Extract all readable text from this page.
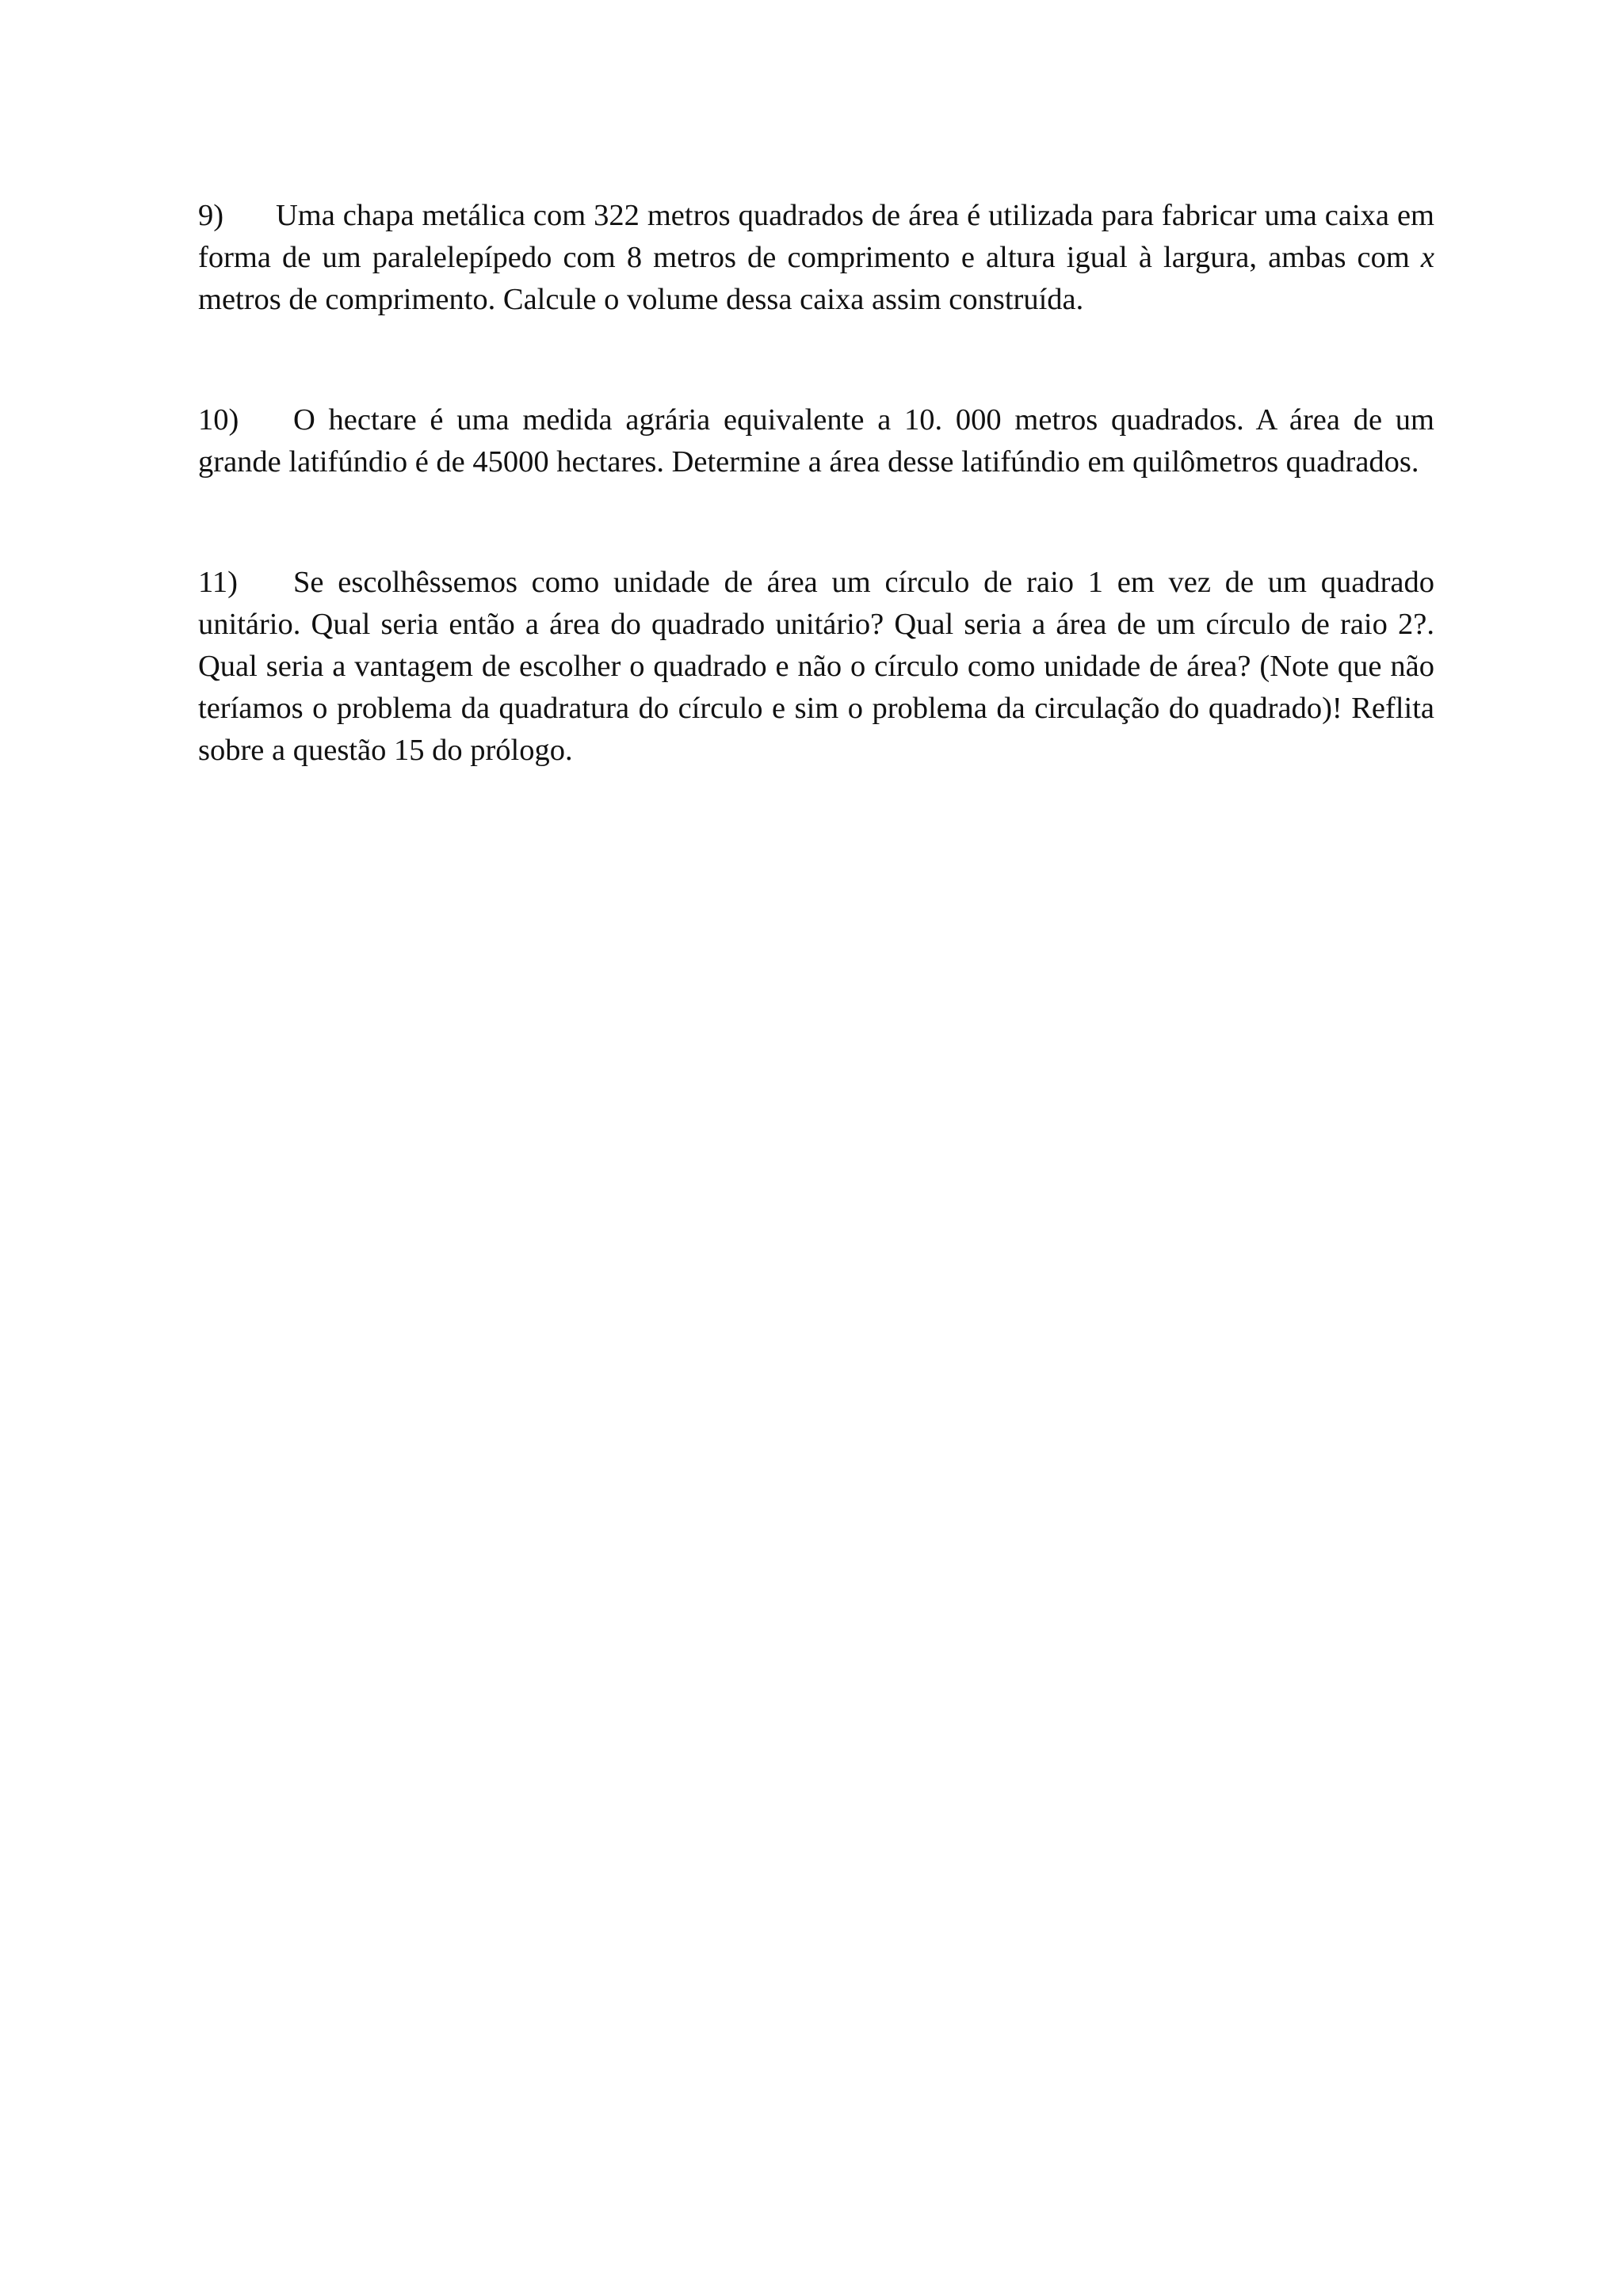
9) Uma chapa metálica com 322 metros quadrados de área é utilizada para fabricar uma caixa em forma de um paralelepípedo com 8 metros de comprimento e altura igual à largura, ambas com x metros de comprimento. Calcule o volume dessa caixa assim construída.

10) O hectare é uma medida agrária equivalente a 10. 000 metros quadrados. A área de um grande latifúndio é de 45000 hectares. Determine a área desse latifúndio em quilômetros quadrados.

11) Se escolhêssemos como unidade de área um círculo de raio 1 em vez de um quadrado unitário. Qual seria então a área do quadrado unitário? Qual seria a área de um círculo de raio 2?. Qual seria a vantagem de escolher o quadrado e não o círculo como unidade de área? (Note que não teríamos o problema da quadratura do círculo e sim o problema da circulação do quadrado)! Reflita sobre a questão 15 do prólogo.
